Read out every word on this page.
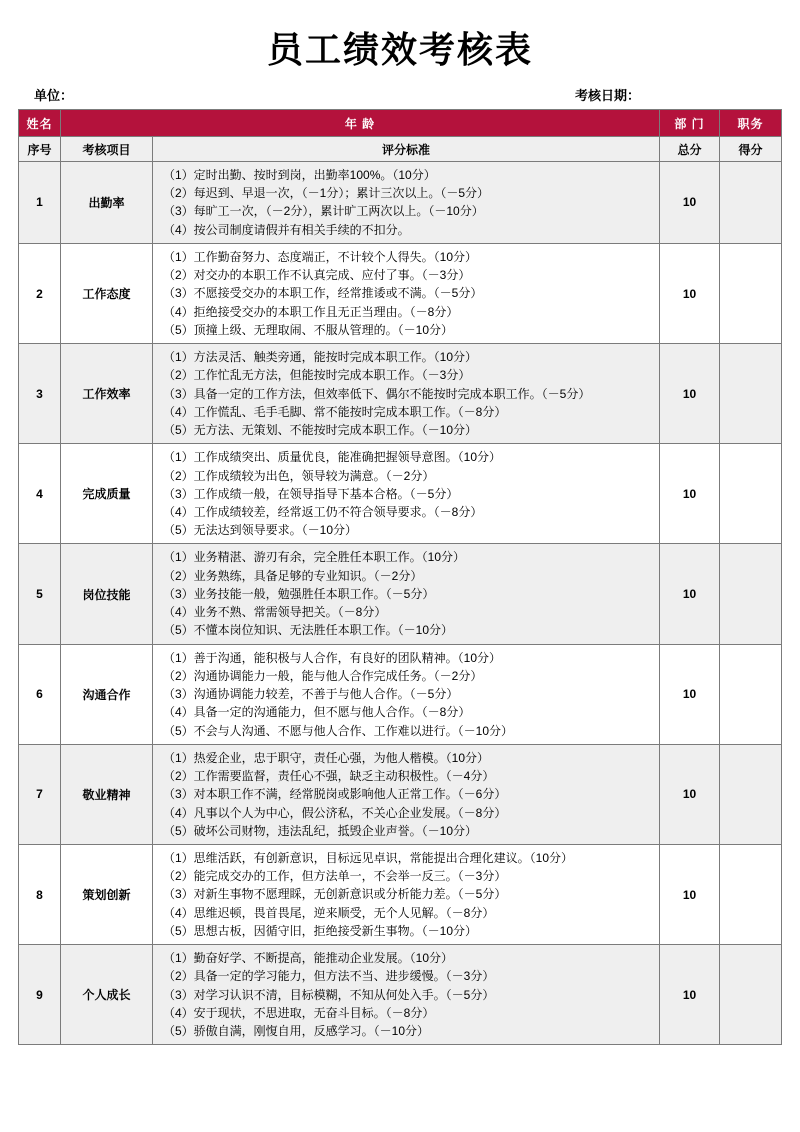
员工绩效考核表
单位：	考核日期：
姓名	年 龄		部 门	职务
序号	考核项目	评分标准	总分	得分
1	出勤率	（1）定时出勤、按时到岗，出勤率100%。（10分）
（2）每迟到、早退一次，（－1分）；累计三次以上。（－5分）
（3）每旷工一次，（－2分），累计旷工两次以上。（－10分）
（4）按公司制度请假并有相关手续的不扣分。	10	
2	工作态度	（1）工作勤奋努力、态度端正，不计较个人得失。（10分）
（2）对交办的本职工作不认真完成、应付了事。（－3分）
（3）不愿接受交办的本职工作，经常推诿或不满。（－5分）
（4）拒绝接受交办的本职工作且无正当理由。（－8分）
（5）顶撞上级、无理取闹、不服从管理的。（－10分）	10	
3	工作效率	（1）方法灵活、触类旁通，能按时完成本职工作。（10分）
（2）工作忙乱无方法，但能按时完成本职工作。（－3分）
（3）具备一定的工作方法，但效率低下、偶尔不能按时完成本职工作。（－5分）
（4）工作慌乱、毛手毛脚、常不能按时完成本职工作。（－8分）
（5）无方法、无策划、不能按时完成本职工作。（－10分）	10	
4	完成质量	（1）工作成绩突出、质量优良，能准确把握领导意图。（10分）
（2）工作成绩较为出色，领导较为满意。（－2分）
（3）工作成绩一般，在领导指导下基本合格。（－5分）
（4）工作成绩较差，经常返工仍不符合领导要求。（－8分）
（5）无法达到领导要求。（－10分）	10	
5	岗位技能	（1）业务精湛、游刃有余，完全胜任本职工作。（10分）
（2）业务熟练，具备足够的专业知识。（－2分）
（3）业务技能一般，勉强胜任本职工作。（－5分）
（4）业务不熟、常需领导把关。（－8分）
（5）不懂本岗位知识、无法胜任本职工作。（－10分）	10	
6	沟通合作	（1）善于沟通，能积极与人合作，有良好的团队精神。（10分）
（2）沟通协调能力一般，能与他人合作完成任务。（－2分）
（3）沟通协调能力较差，不善于与他人合作。（－5分）
（4）具备一定的沟通能力，但不愿与他人合作。（－8分）
（5）不会与人沟通、不愿与他人合作、工作难以进行。（－10分）	10	
7	敬业精神	（1）热爱企业，忠于职守，责任心强，为他人楷模。（10分）
（2）工作需要监督，责任心不强，缺乏主动积极性。（－4分）
（3）对本职工作不满，经常脱岗或影响他人正常工作。（－6分）
（4）凡事以个人为中心，假公济私，不关心企业发展。（－8分）
（5）破坏公司财物，违法乱纪，抵毁企业声誉。（－10分）	10	
8	策划创新	（1）思维活跃，有创新意识，目标远见卓识，常能提出合理化建议。（10分）
（2）能完成交办的工作，但方法单一，不会举一反三。（－3分）
（3）对新生事物不愿理睬，无创新意识或分析能力差。（－5分）
（4）思维迟顿，畏首畏尾，逆来顺受，无个人见解。（－8分）
（5）思想古板，因循守旧，拒绝接受新生事物。（－10分）	10	
9	个人成长	（1）勤奋好学、不断提高，能推动企业发展。（10分）
（2）具备一定的学习能力，但方法不当、进步缓慢。（－3分）
（3）对学习认识不清，目标模糊，不知从何处入手。（－5分）
（4）安于现状，不思进取，无奋斗目标。（－8分）
（5）骄傲自满，刚愎自用，反感学习。（－10分）	10	
